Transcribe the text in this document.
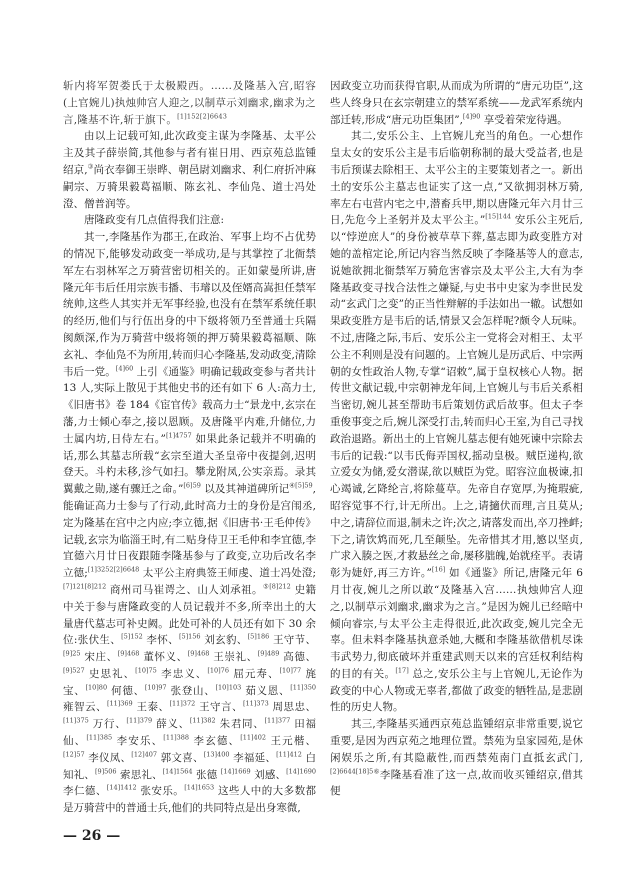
斩内将军贺娄氏于太极殿西。……及隆基入宫,昭容(上官婉儿)执烛帅宫人迎之,以制草示刘幽求,幽求为之言,隆基不许,斩于旗下。$^{[1]152[2]6643}$

由以上记载可知,此次政变主谋为李隆基、太平公主及其子薛崇简,其他参与者有崔日用、西京苑总监锺绍京,③尚衣奉御王崇晔、朝邑尉刘幽求、利仁府折冲麻嗣宗、万骑果毅葛福顺、陈玄礼、李仙凫、道士冯处澄、僧普润等。

唐隆政变有几点值得我们注意:

其一,李隆基作为郡王,在政治、军事上均不占优势的情况下,能够发动政变一举成功,是与其掌控了北衙禁军左右羽林军之万骑营密切相关的。正如蒙曼所讲,唐隆元年韦后任用宗族韦播、韦璿以及侄婿高嵩担任禁军统帅,这些人其实并无军事经验,也没有在禁军系统任职的经历,他们与行伍出身的中下级将领乃至普通士兵隔阂颇深,作为万骑营中级将领的押万骑果毅葛福顺、陈玄礼、李仙凫不为所用,转而归心李隆基,发动政变,清除韦后一党。$^{[4]60}$ 上引《通鉴》明确记载政变参与者共计 13 人,实际上散见于其他史书的还有如下 6 人:高力士,《旧唐书》卷 184《宦官传》载高力士“景龙中,玄宗在藩,力士倾心奉之,接以恩顾。及唐隆平内难,升储位,力士属内坊,日侍左右。”$^{[1]4757}$ 如果此条记载并不明确的话,那么其墓志所载“玄宗至道大圣皇帝中夜提剑,迟明登天。斗杓未移,沴气如扫。攀龙附凤,公实亲焉。录其翼戴之勋,遂有骤迁之命。”$^{[6]59}$ 以及其神道碑所记$^{④[5]59}$,能确证高力士参与了行动,此时高力士的身份是宫闱丞,定为隆基在宫中之内应;李立德,据《旧唐书·王毛仲传》记载,玄宗为临淄王时,有二贴身侍卫王毛仲和李宜德,李宜德六月廿日夜跟随李隆基参与了政变,立功后改名李立德;$^{[1]3252[2]6648}$ 太平公主府典签王师虔、道士冯处澄;$^{[7]121[8]212}$ 商州司马崔谔之、山人刘承祖。$^{⑤[8]212}$ 史籍中关于参与唐隆政变的人员记载并不多,所幸出土的大量唐代墓志可补史阙。此处可补的人员还有如下 30 余位:张伏生、$^{[5]152}$ 李怀、$^{[5]156}$ 刘玄豹、$^{[5]186}$ 王守节、$^{[9]25}$ 宋庄、$^{[9]468}$ 董怀义、$^{[9]468}$ 王崇礼、$^{[9]489}$ 高德、$^{[9]527}$ 史思礼、$^{[10]75}$ 李忠义、$^{[10]76}$ 屈元寿、$^{[10]77}$ 旄宝、$^{[10]80}$ 何德、$^{[10]97}$ 张登山、$^{[10]103}$ 茹义恩、$^{[11]350}$ 雍智云、$^{[11]369}$ 王泰、$^{[11]372}$ 王守言、$^{[11]373}$ 周思忠、$^{[11]375}$ 万行、$^{[11]379}$ 薛义、$^{[11]382}$ 朱君同、$^{[11]377}$ 田福仙、$^{[11]385}$ 李安乐、$^{[11]388}$ 李玄德、$^{[11]402}$ 王元楷、$^{[12]57}$ 李仪凤、$^{[12]407}$ 郭文喜、$^{[13]400}$ 李福延、$^{[11]412}$ 白知礼、$^{[9]506}$ 索思礼、$^{[14]1564}$ 张德 $^{[14]1669}$ 刘感、$^{[14]1690}$ 李仁德、$^{[14]1412}$ 张安乐。$^{[14]1653}$ 这些人中的大多数都是万骑营中的普通士兵,他们的共同特点是出身寒微,

— 26 —

因政变立功而获得官职,从而成为所谓的“唐元功臣”,这些人终身只在玄宗朝建立的禁军系统——龙武军系统内部迁转,形成“唐元功臣集团”,$^{[4]90}$ 享受着荣宠待遇。

其二,安乐公主、上官婉儿充当的角色。一心想作皇太女的安乐公主是韦后临朝称制的最大受益者,也是韦后预谋去除相王、太平公主的主要策划者之一。新出土的安乐公主墓志也证实了这一点,“又欲拥羽林万骑,率左右屯营内宅之中,潜畜兵甲,期以唐隆元年六月廿三日,先危今上圣躬并及太平公主。”$^{[15]144}$ 安乐公主死后,以“悖逆庶人”的身份被草草下葬,墓志即为政变胜方对她的盖棺定论,所记内容当然反映了李隆基等人的意志,说她欲拥北衙禁军万骑危害睿宗及太平公主,大有为李隆基政变寻找合法性之嫌疑,与史书中史家为李世民发动“玄武门之变”的正当性辩解的手法如出一辙。试想如果政变胜方是韦后的话,情景又会怎样呢?颇令人玩味。不过,唐隆之际,韦后、安乐公主一党将会对相王、太平公主不利则是没有问题的。上官婉儿是历武后、中宗两朝的女性政治人物,专掌“诏敕”,属于皇权核心人物。据传世文献记载,中宗朝神龙年间,上官婉儿与韦后关系相当密切,婉儿甚至帮助韦后策划仿武后故事。但太子李重俊事变之后,婉儿深受打击,转而归心王室,为自己寻找政治退路。新出土的上官婉儿墓志便有她死谏中宗除去韦后的记载:“以韦氏侮弄国权,摇动皇极。贼臣递构,欲立爱女为储,爱女潜谋,欲以贼臣为党。昭容泣血极谏,扣心竭诚,乞降纶言,将除蔓草。先帝自存宽厚,为掩瑕疵,昭容觉事不行,计无所出。上之,请擿伏而理,言且莫从;中之,请辞位而退,制未之许;次之,请落发而出,卒刀挫衅;下之,请饮鸩而死,几至颠坠。先帝惜其才用,慜以坚贞,广求入腠之医,才救悬丝之命,屡移朏魄,始就痊平。表请彰为婕妤,再三方许。”[16] 如《通鉴》所记,唐隆元年 6 月廿夜,婉儿之所以敢“及隆基入宫……执烛帅宫人迎之,以制草示刘幽求,幽求为之言。”是因为婉儿已经暗中倾向睿宗,与太平公主走得很近,此次政变,婉儿完全无辜。但未料李隆基执意杀她,大概和李隆基欲借机尽诛韦武势力,彻底破坏并重建武则天以来的宫廷权利结构的目的有关。[17] 总之,安乐公主与上官婉儿,无论作为政变的中心人物或无辜者,都做了政变的牺牲品,是悲剧性的历史人物。

其三,李隆基买通西京苑总监锺绍京非常重要,说它重要,是因为西京苑之地理位置。禁苑为皇家园苑,是休闲娱乐之所,有其隐蔽性,而西禁苑南门直抵玄武门,$^{[2]6644[18]5⑥}$李隆基看准了这一点,故而收买锺绍京,借其便
